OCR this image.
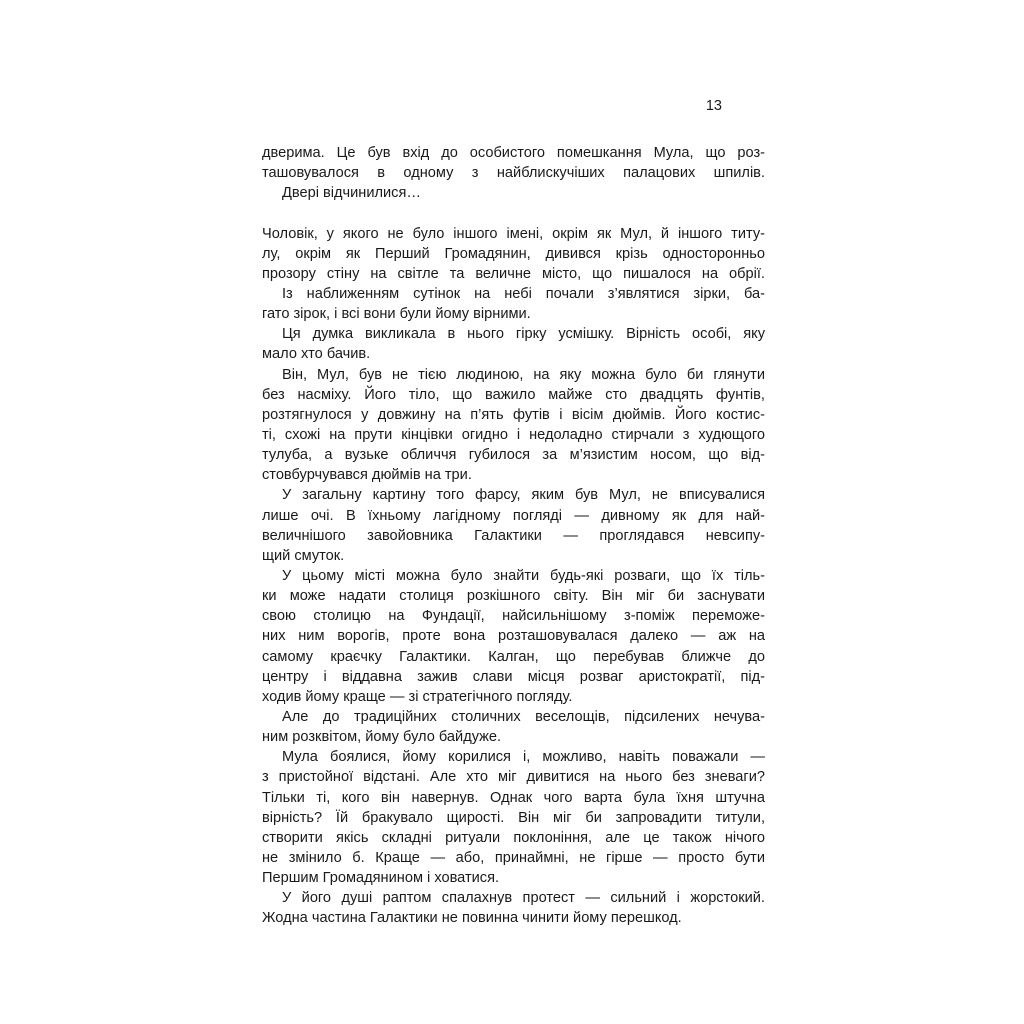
13
дверима. Це був вхід до особистого помешкання Мула, що роз-
ташовувалося в одному з найблискучіших палацових шпилів.
Двері відчинилися…
Чоловік, у якого не було іншого імені, окрім як Мул, й іншого титу-
лу, окрім як Перший Громадянин, дивився крізь односторонньо
прозору стіну на світле та величне місто, що пишалося на обрії.
Із наближенням сутінок на небі почали з’являтися зірки, ба-
гато зірок, і всі вони були йому вірними.
Ця думка викликала в нього гірку усмішку. Вірність особі, яку
мало хто бачив.
Він, Мул, був не тією людиною, на яку можна було би глянути
без насміху. Його тіло, що важило майже сто двадцять фунтів,
розтягнулося у довжину на п’ять футів і вісім дюймів. Його костис-
ті, схожі на прути кінцівки огидно і недоладно стирчали з худющого
тулуба, а вузьке обличчя губилося за м’язистим носом, що від-
стовбурчувався дюймів на три.
У загальну картину того фарсу, яким був Мул, не вписувалися
лише очі. В їхньому лагідному погляді — дивному як для най-
величнішого завойовника Галактики — проглядався невсипу-
щий смуток.
У цьому місті можна було знайти будь-які розваги, що їх тіль-
ки може надати столиця розкішного світу. Він міг би заснувати
свою столицю на Фундації, найсильнішому з-поміж переможе-
них ним ворогів, проте вона розташовувалася далеко — аж на
самому краєчку Галактики. Калган, що перебував ближче до
центру і віддавна зажив слави місця розваг аристократії, під-
ходив йому краще — зі стратегічного погляду.
Але до традиційних столичних веселощів, підсилених нечува-
ним розквітом, йому було байдуже.
Мула боялися, йому корилися і, можливо, навіть поважали —
з пристойної відстані. Але хто міг дивитися на нього без зневаги?
Тільки ті, кого він навернув. Однак чого варта була їхня штучна
вірність? Їй бракувало щирості. Він міг би запровадити титули,
створити якісь складні ритуали поклоніння, але це також нічого
не змінило б. Краще — або, принаймні, не гірше — просто бути
Першим Громадянином і ховатися.
У його душі раптом спалахнув протест — сильний і жорстокий.
Жодна частина Галактики не повинна чинити йому перешкод.
